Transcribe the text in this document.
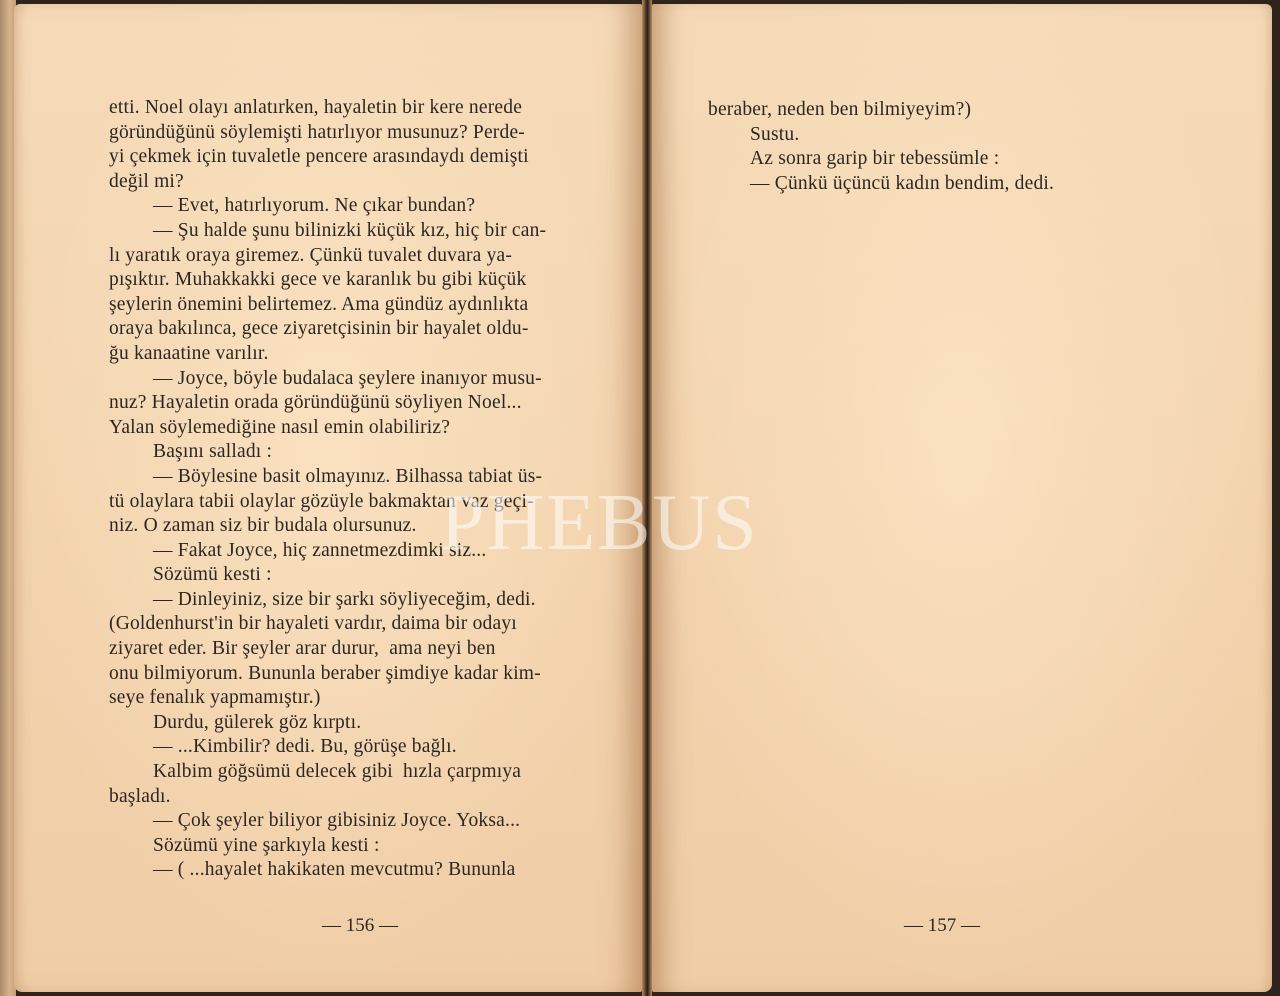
etti. Noel olayı anlatırken, hayaletin bir kere nerede
göründüğünü söylemişti hatırlıyor musunuz? Perde-
yi çekmek için tuvaletle pencere arasındaydı demişti
değil mi?
— Evet, hatırlıyorum. Ne çıkar bundan?
— Şu halde şunu bilinizki küçük kız, hiç bir can-
lı yaratık oraya giremez. Çünkü tuvalet duvara ya-
pışıktır. Muhakkakki gece ve karanlık bu gibi küçük
şeylerin önemini belirtemez. Ama gündüz aydınlıkta
oraya bakılınca, gece ziyaretçisinin bir hayalet oldu-
ğu kanaatine varılır.
— Joyce, böyle budalaca şeylere inanıyor musu-
nuz? Hayaletin orada göründüğünü söyliyen Noel...
Yalan söylemediğine nasıl emin olabiliriz?
Başını salladı :
— Böylesine basit olmayınız. Bilhassa tabiat üs-
tü olaylara tabii olaylar gözüyle bakmaktan vaz geçi-
niz. O zaman siz bir budala olursunuz.
— Fakat Joyce, hiç zannetmezdimki siz...
Sözümü kesti :
— Dinleyiniz, size bir şarkı söyliyeceğim, dedi.
(Goldenhurst'in bir hayaleti vardır, daima bir odayı
ziyaret eder. Bir şeyler arar durur,  ama neyi ben
onu bilmiyorum. Bununla beraber şimdiye kadar kim-
seye fenalık yapmamıştır.)
Durdu, gülerek göz kırptı.
— ...Kimbilir? dedi. Bu, görüşe bağlı.
Kalbim göğsümü delecek gibi  hızla çarpmıya
başladı.
— Çok şeyler biliyor gibisiniz Joyce. Yoksa...
Sözümü yine şarkıyla kesti :
— ( ...hayalet hakikaten mevcutmu? Bununla
— 156 —
beraber, neden ben bilmiyeyim?)
Sustu.
Az sonra garip bir tebessümle :
— Çünkü üçüncü kadın bendim, dedi.
— 157 —
PHEBUS
